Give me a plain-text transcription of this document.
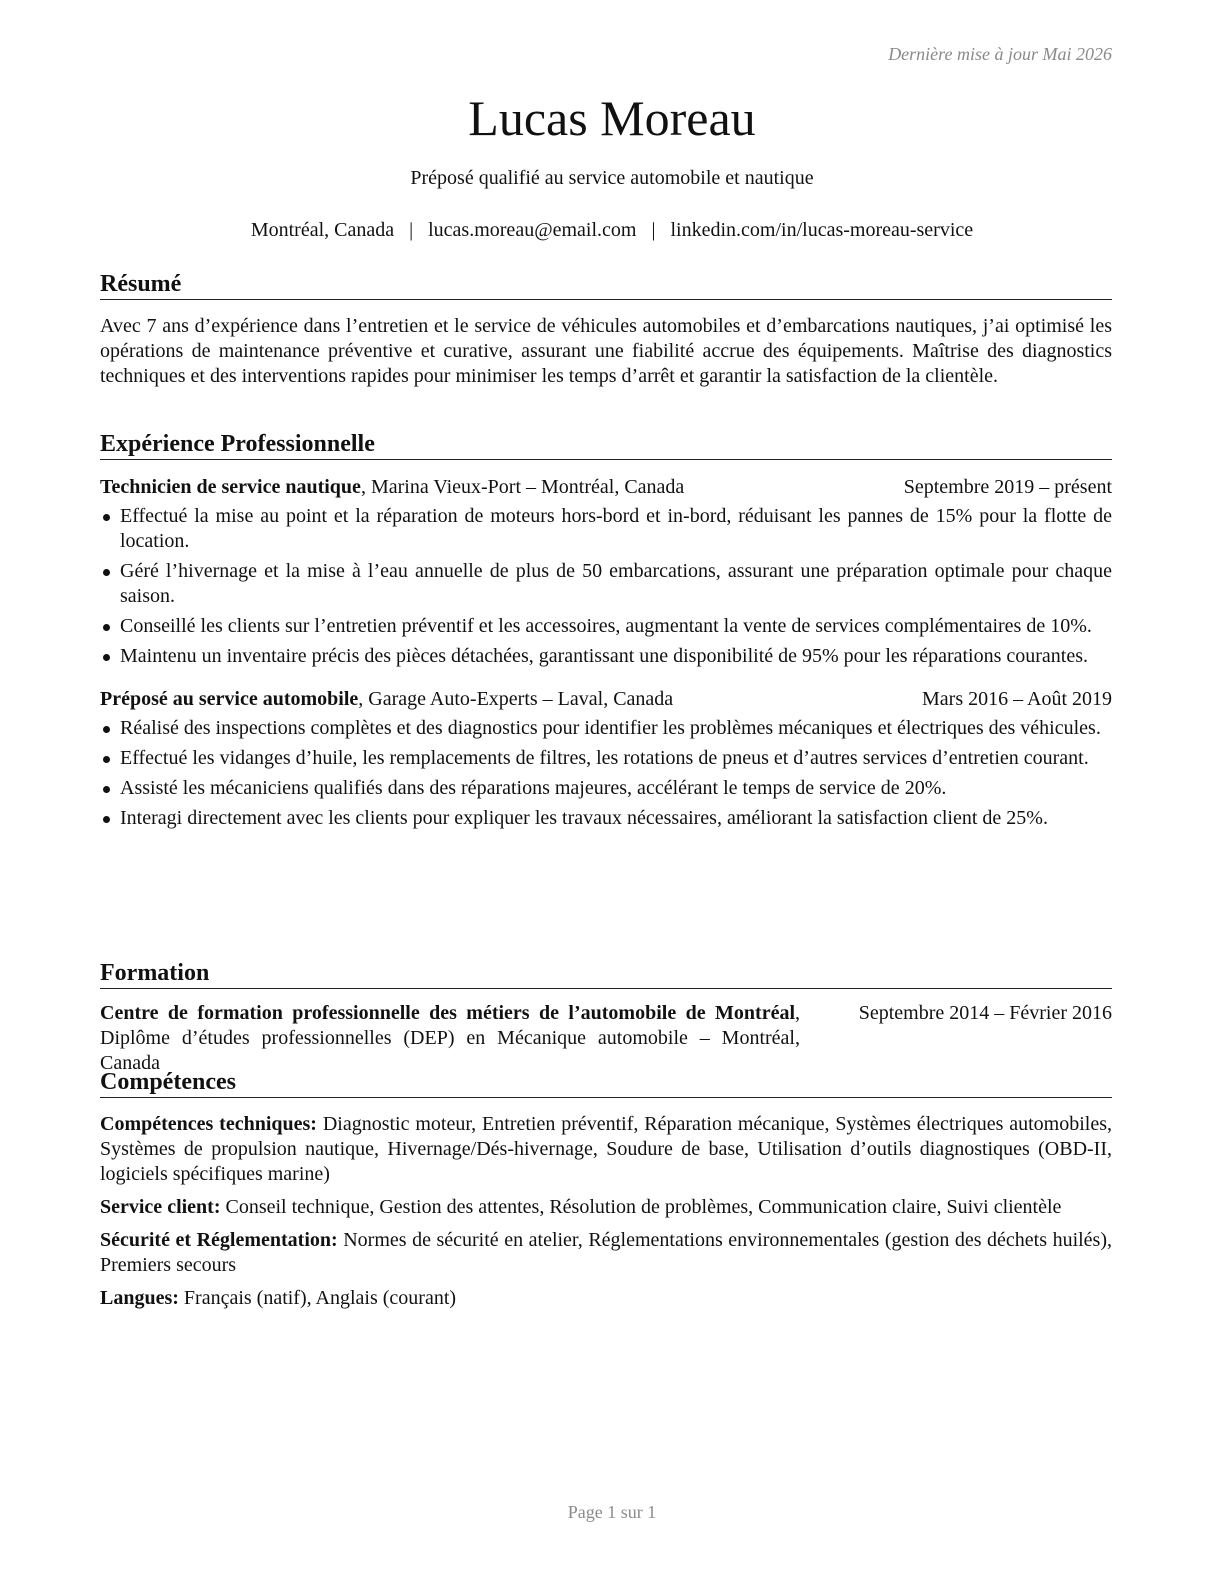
Dernière mise à jour Mai 2026
Lucas Moreau
Préposé qualifié au service automobile et nautique
Montréal, Canada | lucas.moreau@email.com | linkedin.com/in/lucas-moreau-service
Résumé

Avec 7 ans d’expérience dans l’entretien et le service de véhicules automobiles et d’embarcations nautiques, j’ai optimisé les opérations de maintenance préventive et curative, assurant une fiabilité accrue des équipements. Maîtrise des diagnostics techniques et des interventions rapides pour minimiser les temps d’arrêt et garantir la satisfaction de la clientèle.

Expérience Professionnelle
Technicien de service nautique, Marina Vieux-Port – Montréal, Canada	Septembre 2019 – présent
Effectué la mise au point et la réparation de moteurs hors-bord et in-bord, réduisant les pannes de 15% pour la flotte de location.
Géré l’hivernage et la mise à l’eau annuelle de plus de 50 embarcations, assurant une préparation optimale pour chaque saison.
Conseillé les clients sur l’entretien préventif et les accessoires, augmentant la vente de services complémentaires de 10%.
Maintenu un inventaire précis des pièces détachées, garantissant une disponibilité de 95% pour les réparations courantes.
Préposé au service automobile, Garage Auto-Experts – Laval, Canada	Mars 2016 – Août 2019
Réalisé des inspections complètes et des diagnostics pour identifier les problèmes mécaniques et électriques des véhicules.
Effectué les vidanges d’huile, les remplacements de filtres, les rotations de pneus et d’autres services d’entretien courant.
Assisté les mécaniciens qualifiés dans des réparations majeures, accélérant le temps de service de 20%.
Interagi directement avec les clients pour expliquer les travaux nécessaires, améliorant la satisfaction client de 25%.
Formation
Centre de formation professionnelle des métiers de l’automobile de Montréal, Diplôme d’études professionnelles (DEP) en Mécanique automobile – Montréal, Canada
Septembre 2014 – Février 2016
Compétences

Compétences techniques: Diagnostic moteur, Entretien préventif, Réparation mécanique, Systèmes électriques automobiles, Systèmes de propulsion nautique, Hivernage/Dés-hivernage, Soudure de base, Utilisation d’outils diagnostiques (OBD-II, logiciels spécifiques marine)

Service client: Conseil technique, Gestion des attentes, Résolution de problèmes, Communication claire, Suivi clientèle

Sécurité et Réglementation: Normes de sécurité en atelier, Réglementations environnementales (gestion des déchets huilés), Premiers secours

Langues: Français (natif), Anglais (courant)

Page 1 sur 1
